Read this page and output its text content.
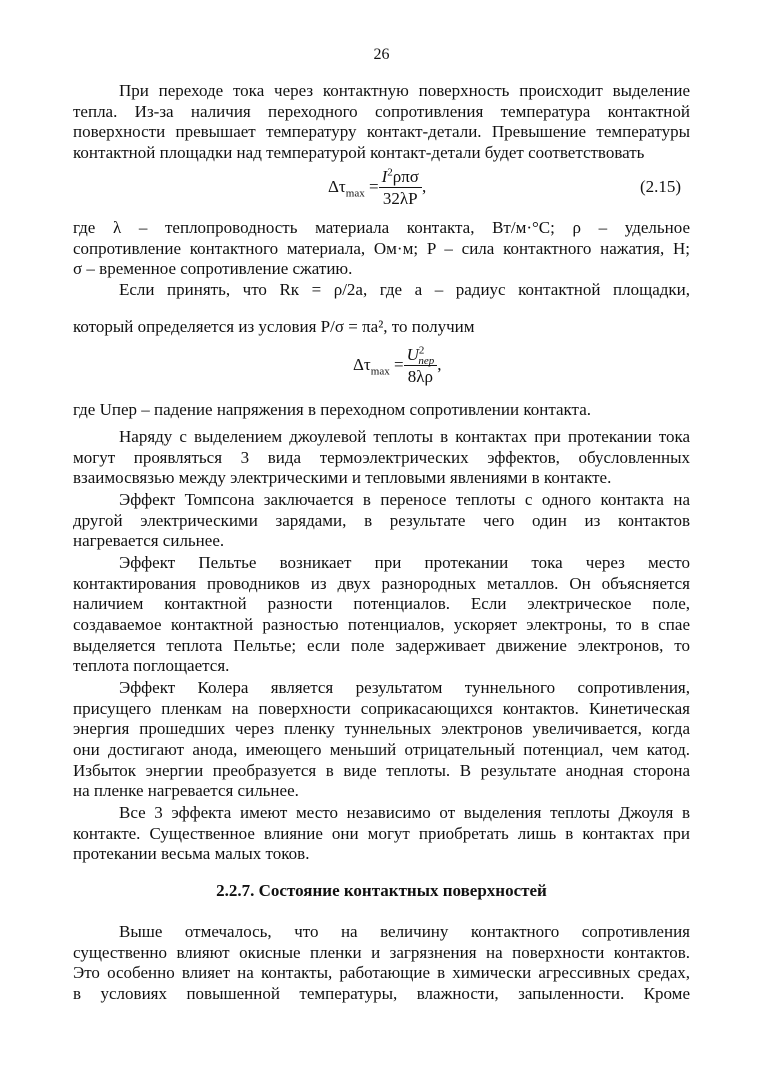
26
При переходе тока через контактную поверхность происходит выделение
тепла. Из-за наличия переходного сопротивления температура контактной
поверхности превышает температуру контакт-детали. Превышение температуры
контактной площадки над температурой контакт-детали будет соответствовать
$\Delta\tau_{max} = \frac{I^2\rho\pi\sigma}{32\lambda P}$ ,	(2.15)
где λ – теплопроводность материала контакта, Вт/м·°С; ρ – удельное
сопротивление контактного материала, Ом·м; P – сила контактного нажатия, Н;
σ – временное сопротивление сжатию.
Если принять, что Rк = ρ/2a, где a – радиус контактной площадки,
который определяется из условия P/σ = πa², то получим
$\Delta\tau_{max} = \frac{U^2_{пер}}{8\lambda\rho}$ ,
где Uпер – падение напряжения в переходном сопротивлении контакта.
Наряду с выделением джоулевой теплоты в контактах при протекании тока
могут проявляться 3 вида термоэлектрических эффектов, обусловленных
взаимосвязью между электрическими и тепловыми явлениями в контакте.
Эффект Томпсона заключается в переносе теплоты с одного контакта на
другой электрическими зарядами, в результате чего один из контактов
нагревается сильнее.
Эффект Пельтье возникает при протекании тока через место
контактирования проводников из двух разнородных металлов. Он объясняется
наличием контактной разности потенциалов. Если электрическое поле,
создаваемое контактной разностью потенциалов, ускоряет электроны, то в спае
выделяется теплота Пельтье; если поле задерживает движение электронов, то
теплота поглощается.
Эффект Колера является результатом туннельного сопротивления,
присущего пленкам на поверхности соприкасающихся контактов. Кинетическая
энергия прошедших через пленку туннельных электронов увеличивается, когда
они достигают анода, имеющего меньший отрицательный потенциал, чем катод.
Избыток энергии преобразуется в виде теплоты. В результате анодная сторона
на пленке нагревается сильнее.
Все 3 эффекта имеют место независимо от выделения теплоты Джоуля в
контакте. Существенное влияние они могут приобретать лишь в контактах при
протекании весьма малых токов.
2.2.7. Состояние контактных поверхностей
Выше отмечалось, что на величину контактного сопротивления
существенно влияют окисные пленки и загрязнения на поверхности контактов.
Это особенно влияет на контакты, работающие в химически агрессивных средах,
в условиях повышенной температуры, влажности, запыленности. Кроме
